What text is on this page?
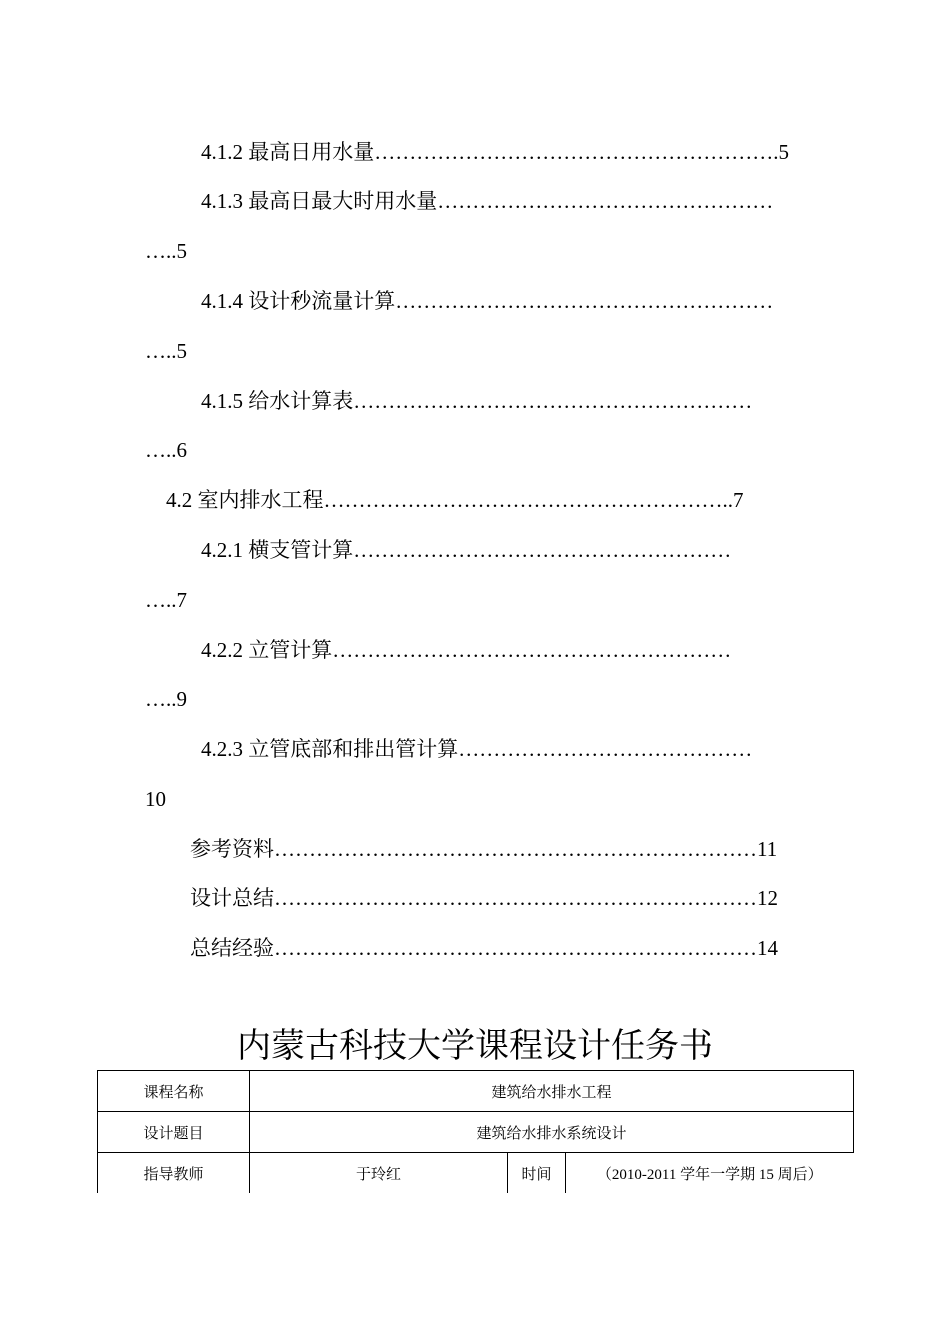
4.1.2 最高日用水量………………………………………………….5
4.1.3 最高日最大时用水量…………………………………………
…..5
4.1.4 设计秒流量计算………………………………………………
…..5
4.1.5 给水计算表…………………………………………………
…..6
4.2 室内排水工程…………………………………………………..7
4.2.1 横支管计算………………………………………………
…..7
4.2.2 立管计算…………………………………………………
…..9
4.2.3 立管底部和排出管计算……………………………………
10
参考资料……………………………………………………………11
设计总结……………………………………………………………12
总结经验……………………………………………………………14
内蒙古科技大学课程设计任务书
课程名称	建筑给水排水工程		
设计题目	建筑给水排水系统设计		
指导教师	于玲红	时间	（2010-2011 学年一学期 15 周后）
